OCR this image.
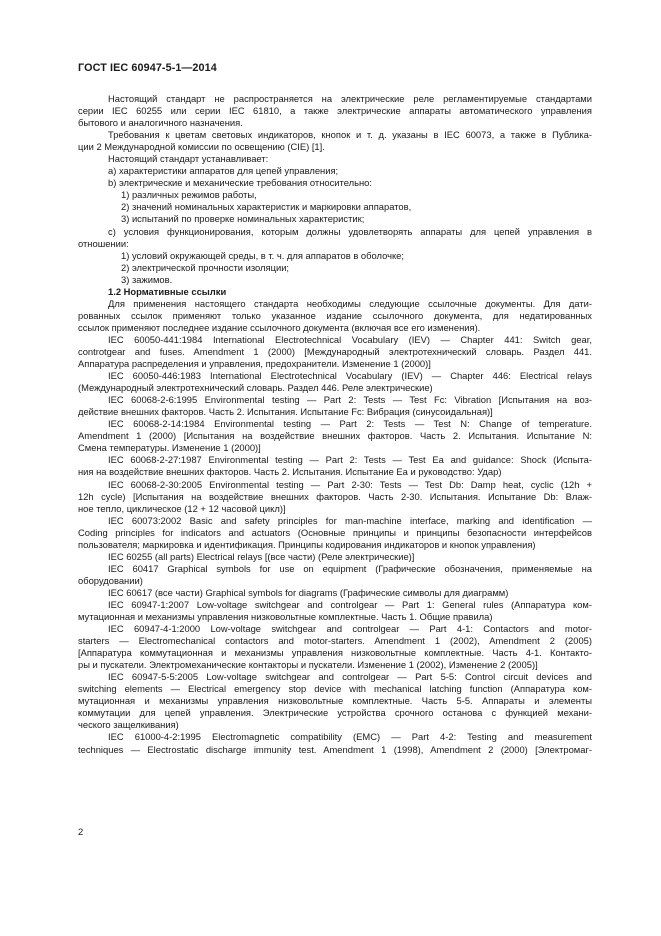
ГОСТ IEC 60947-5-1—2014
Настоящий стандарт не распространяется на электрические реле регламентируемые стандартами
серии IEC 60255 или серии IEC 61810, а также электрические аппараты автоматического управления
бытового и аналогичного назначения.
Требования к цветам световых индикаторов, кнопок и т. д. указаны в IEC 60073, а также в Публика-
ции 2 Международной комиссии по освещению (CIE) [1].
Настоящий стандарт устанавливает:
a) характеристики аппаратов для цепей управления;
b) электрические и механические требования относительно:
1) различных режимов работы,
2) значений номинальных характеристик и маркировки аппаратов,
3) испытаний по проверке номинальных характеристик;
c) условия функционирования, которым должны удовлетворять аппараты для цепей управления в
отношении:
1) условий окружающей среды, в т. ч. для аппаратов в оболочке;
2) электрической прочности изоляции;
3) зажимов.
1.2 Нормативные ссылки
Для применения настоящего стандарта необходимы следующие ссылочные документы. Для дати-
рованных ссылок применяют только указанное издание ссылочного документа, для недатированных
ссылок применяют последнее издание ссылочного документа (включая все его изменения).
IEC 60050-441:1984 International Electrotechnical Vocabulary (IEV) — Chapter 441: Switch gear,
controtgear and fuses. Amendment 1 (2000) [Международный электротехнический словарь. Раздел 441.
Аппаратура распределения и управления, предохранители. Изменение 1 (2000)]
IEC 60050-446:1983 International Electrotechnical Vocabulary (IEV) — Chapter 446: Electrical relays
(Международный электротехнический словарь. Раздел 446. Реле электрические)
IEC 60068-2-6:1995 Environmental testing — Part 2: Tests — Test Fc: Vibration [Испытания на воз-
действие внешних факторов. Часть 2. Испытания. Испытание Fc: Вибрация (синусоидальная)]
IEC 60068-2-14:1984 Environmental testing — Part 2: Tests — Test N: Change of temperature.
Amendment 1 (2000) [Испытания на воздействие внешних факторов. Часть 2. Испытания. Испытание N:
Смена температуры. Изменение 1 (2000)]
IEC 60068-2-27:1987 Environmental testing — Part 2: Tests — Test Ea and guidance: Shock (Испыта-
ния на воздействие внешних факторов. Часть 2. Испытания. Испытание Ea и руководство: Удар)
IEC 60068-2-30:2005 Environmental testing — Part 2-30: Tests — Test Db: Damp heat, cyclic (12h +
12h cycle) [Испытания на воздействие внешних факторов. Часть 2-30. Испытания. Испытание Db: Влаж-
ное тепло, циклическое (12 + 12 часовой цикл)]
IEC 60073:2002 Basic and safety principles for man-machine interface, marking and identification —
Coding principles for indicators and actuators (Основные принципы и принципы безопасности интерфейсов
пользователя; маркировка и идентификация. Принципы кодирования индикаторов и кнопок управления)
IEC 60255 (all parts) Electrical relays [(все части) (Реле электрические)]
IEC 60417 Graphical symbols for use on equipment (Графические обозначения, применяемые на
оборудовании)
IEC 60617 (все части) Graphical symbols for diagrams (Графические символы для диаграмм)
IEC 60947-1:2007 Low-voltage switchgear and controlgear — Part 1: General rules (Аппаратура ком-
мутационная и механизмы управления низковольтные комплектные. Часть 1. Общие правила)
IEC 60947-4-1:2000 Low-voltage switchgear and controlgear — Part 4-1: Contactors and motor-
starters — Electromechanical contactors and motor-starters. Amendment 1 (2002), Amendment 2 (2005)
[Аппаратура коммутационная и механизмы управления низковольтные комплектные. Часть 4-1. Контакто-
ры и пускатели. Электромеханические контакторы и пускатели. Изменение 1 (2002), Изменение 2 (2005)]
IEC 60947-5-5:2005 Low-voltage switchgear and controlgear — Part 5-5: Control circuit devices and
switching elements — Electrical emergency stop device with mechanical latching function (Аппаратура ком-
мутационная и механизмы управления низковольтные комплектные. Часть 5-5. Аппараты и элементы
коммутации для цепей управления. Электрические устройства срочного останова с функцией механи-
ческого защелкивания)
IEC 61000-4-2:1995 Electromagnetic compatibility (EMC) — Part 4-2: Testing and measurement
techniques — Electrostatic discharge immunity test. Amendment 1 (1998), Amendment 2 (2000) [Электромаг-
2
